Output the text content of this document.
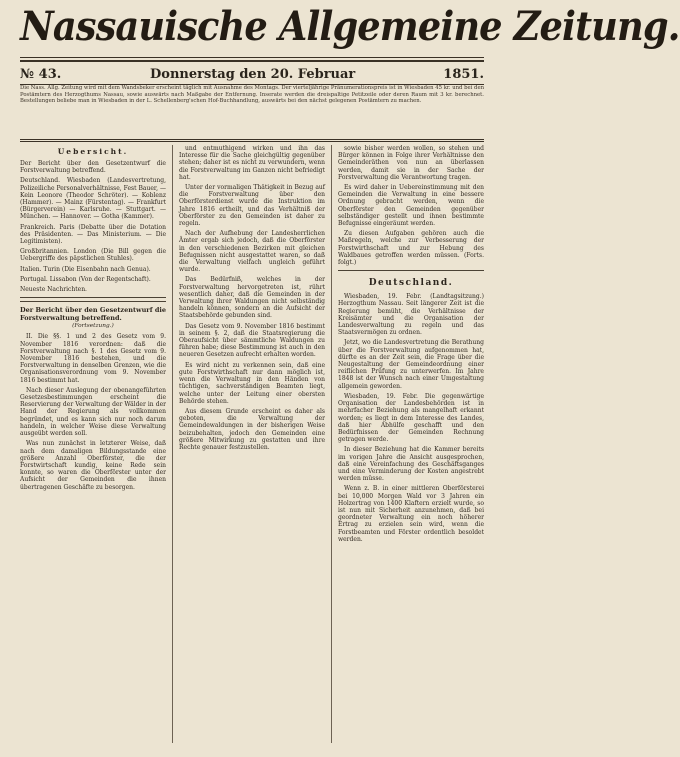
Nassauische Allgemeine Zeitung.
№ 43.	Donnerstag den 20. Februar	1851.
Die Nass. Allg. Zeitung wird mit dem Wandsbeker erscheint täglich mit Ausnahme des Montags. Der vierteljährige Pränumerationspreis ist in Wiesbaden 45 kr. und bei den Postämtern des Herzogthums Nassau, sowie auswärts nach Maßgabe der Entfernung. Inserate werden die dreispaltige Petitzeile oder deren Raum mit 3 kr. berechnet. Bestellungen beliebe man in Wiesbaden in der L. Schellenberg'schen Hof-Buchhandlung, auswärts bei den nächst gelegenen Postämtern zu machen.
Uebersicht.
Der Bericht über den Gesetzentwurf die Forstverwaltung betreffend.
Deutschland. Wiesbaden (Landesvertretung, Polizeiliche Personalverhältnisse, Fest Bauer, — Kein Leonore (Theodor Schröter). — Koblenz (Hammer). — Mainz (Fürstentag). — Frankfurt (Bürgerverein) — Karlsruhe. — Stuttgart. — München. — Hannover. — Gotha (Kammer).
Frankreich. Paris (Debatte über die Dotation des Präsidenten. — Das Ministerium. — Die Legitimisten).
Großbritannien. London (Die Bill gegen die Uebergriffe des päpstlichen Stuhles).
Italien. Turin (Die Eisenbahn nach Genua).
Portugal. Lissabon (Von der Regentschaft).
Neueste Nachrichten.
Der Bericht über den Gesetzentwurf die Forstverwaltung betreffend.
(Fortsetzung.)

II. Die §§. 1 und 2 des Gesetz vom 9. November 1816 verordnen: daß die Forstverwaltung nach §. 1 des Gesetz vom 9. November 1816 bestehen, und die Forstverwaltung in denselben Grenzen, wie die Organisationsverordnung vom 9. November 1816 bestimmt hat.

Nach dieser Auslegung der obenangeführten Gesetzesbestimmungen erscheint die Reservierung der Verwaltung der Wälder in der Hand der Regierung als vollkommen begründet, und es kann sich nur noch darum handeln, in welcher Weise diese Verwaltung ausgeübt werden soll.

Was nun zunächst in letzterer Weise, daß nach dem damaligen Bildungsstande eine größere Anzahl Oberförster, die der Forstwirtschaft kundig, keine Rede sein konnte, so waren die Oberförster unter der Aufsicht der Gemeinden die ihnen übertragenen Geschäfte zu besorgen.

und entmuthigend wirken und ihn das Interesse für die Sache gleichgültig gegenüber stehen; daher ist es nicht zu verwundern, wenn die Forstverwaltung im Ganzen nicht befriedigt hat.

Unter der vormaligen Thätigkeit in Bezug auf die Forstverwaltung über den Oberförsterdienst wurde die Instruktion im Jahre 1816 ertheilt, und das Verhältniß der Oberförster zu den Gemeinden ist daher zu regeln.

Nach der Aufhebung der Landesherrlichen Ämter ergab sich jedoch, daß die Oberförster in den verschiedenen Bezirken mit gleichen Befugnissen nicht ausgestattet waren, so daß die Verwaltung vielfach ungleich geführt wurde.

Das Bedürfniß, welches in der Forstverwaltung hervorgetreten ist, rührt wesentlich daher, daß die Gemeinden in der Verwaltung ihrer Waldungen nicht selbständig handeln können, sondern an die Aufsicht der Staatsbehörde gebunden sind.

Das Gesetz vom 9. November 1816 bestimmt in seinem §. 2, daß die Staatsregierung die Oberaufsicht über sämmtliche Waldungen zu führen habe; diese Bestimmung ist auch in den neueren Gesetzen aufrecht erhalten worden.

Es wird nicht zu verkennen sein, daß eine gute Forstwirthschaft nur dann möglich ist, wenn die Verwaltung in den Händen von tüchtigen, sachverständigen Beamten liegt, welche unter der Leitung einer obersten Behörde stehen.

Aus diesem Grunde erscheint es daher als geboten, die Verwaltung der Gemeindewaldungen in der bisherigen Weise beizubehalten, jedoch den Gemeinden eine größere Mitwirkung zu gestatten und ihre Rechte genauer festzustellen.

sowie bisher werden wollen, so stehen und Bürger können in Folge ihrer Verhältnisse den Gemeinderäthen von nun an überlassen werden, damit sie in der Sache der Forstverwaltung die Verantwortung tragen.

Es wird daher in Uebereinstimmung mit den Gemeinden die Verwaltung in eine bessere Ordnung gebracht werden, wenn die Oberförster den Gemeinden gegenüber selbständiger gestellt und ihnen bestimmte Befugnisse eingeräumt werden.

Zu diesen Aufgaben gehören auch die Maßregeln, welche zur Verbesserung der Forstwirthschaft und zur Hebung des Waldbaues getroffen werden müssen. (Forts. folgt.)

Deutschland.

Wiesbaden, 19. Febr. (Landtagsitzung.) Herzogthum Nassau. Seit längerer Zeit ist die Regierung bemüht, die Verhältnisse der Kreisämter und die Organisation der Landesverwaltung zu regeln und das Staatsvermögen zu ordnen.

Jetzt, wo die Landesvertretung die Berathung über die Forstverwaltung aufgenommen hat, dürfte es an der Zeit sein, die Frage über die Neugestaltung der Gemeindeordnung einer reiflichen Prüfung zu unterwerfen. Im Jahre 1848 ist der Wunsch nach einer Umgestaltung allgemein geworden.

Wiesbaden, 19. Febr. Die gegenwärtige Organisation der Landesbehörden ist in mehrfacher Beziehung als mangelhaft erkannt worden; es liegt in dem Interesse des Landes, daß hier Abhülfe geschafft und den Bedürfnissen der Gemeinden Rechnung getragen werde.

In dieser Beziehung hat die Kammer bereits im vorigen Jahre die Ansicht ausgesprochen, daß eine Vereinfachung des Geschäftsganges und eine Verminderung der Kosten angestrebt werden müsse.

Wenn z. B. in einer mittleren Oberförsterei bei 10,000 Morgen Wald vor 3 Jahren ein Holzertrag von 1400 Klaftern erzielt wurde, so ist nun mit Sicherheit anzunehmen, daß bei geordneter Verwaltung ein noch höherer Ertrag zu erzielen sein wird, wenn die Forstbeamten und Förster ordentlich besoldet werden.
